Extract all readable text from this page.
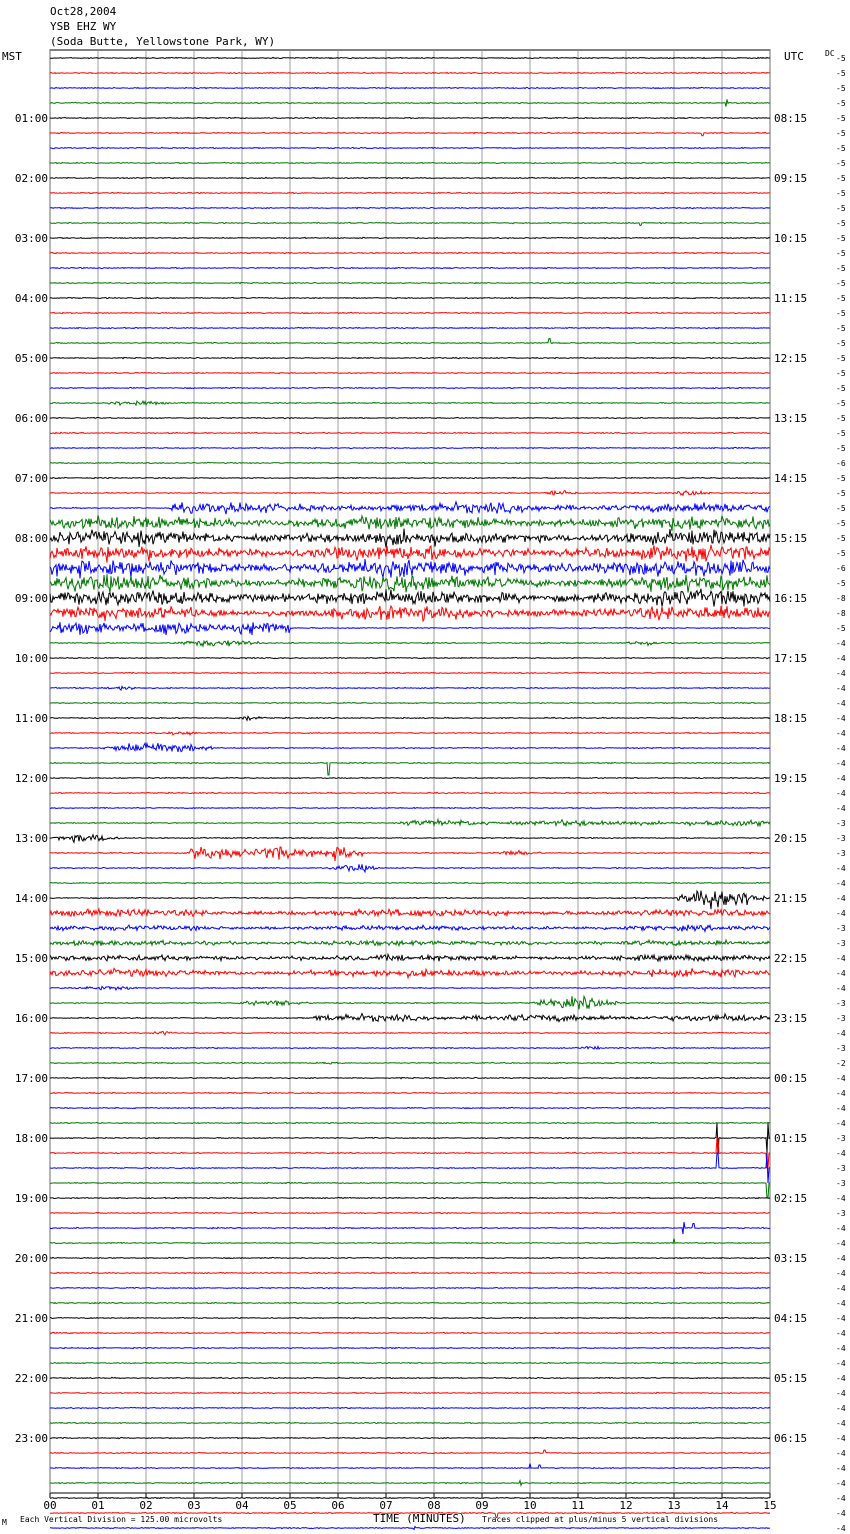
Oct28,2004
YSB EHZ WY
(Soda Butte, Yellowstone Park, WY)
MST	UTC
00	01	02	03	04	05	06	07	08	09	10	11	12	13	14	15
-5
-5
-5
-5
-5
-5
-5
-5
-5
-5
-5
-5
-5
-5
-5
-5
-5
-5
-5
-5
-5
-5
-5
-5
-5
-5
-5
-6
-5
-5
-5
-5
-5
-5
-6
-5
-8
-8
-5
-4
-4
-4
-4
-4
-4
-4
-4
-4
-4
-4
-4
-3
-3
-3
-4
-4
-4
-4
-3
-3
-4
-4
-4
-3
-3
-4
-3
-2
-4
-4
-4
-4
-3
-4
-3
-3
-4
-3
-4
-4
-4
-4
-4
-4
-4
-4
-4
-4
-4
-4
-4
-4
-4
-4
-4
-4
-4
-4
-4
DC
01:00	08:15
02:00	09:15
03:00	10:15
04:00	11:15
05:00	12:15
06:00	13:15
07:00	14:15
08:00	15:15
09:00	16:15
10:00	17:15
11:00	18:15
12:00	19:15
13:00	20:15
14:00	21:15
15:00	22:15
16:00	23:15
17:00	00:15
18:00	01:15
19:00	02:15
20:00	03:15
21:00	04:15
22:00	05:15
23:00	06:15
M Each Vertical Division = 125.00 microvolts	TIME (MINUTES) Traces clipped at plus/minus 5 vertical divisions
